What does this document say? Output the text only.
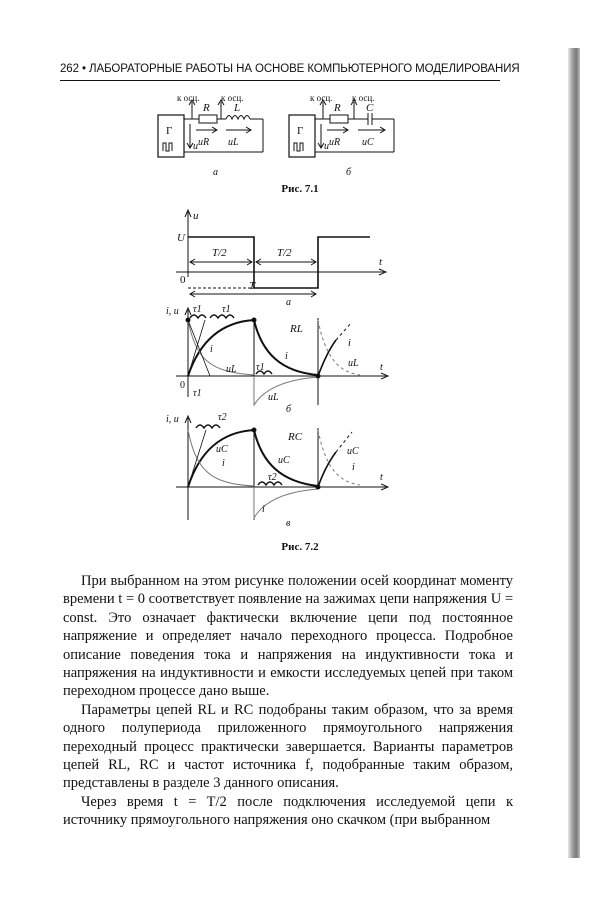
262 • ЛАБОРАТОРНЫЕ РАБОТЫ НА ОСНОВЕ КОМПЬЮТЕРНОГО МОДЕЛИРОВАНИЯ
Г
к осц. к осц.
R L
u uR uL
а
Г
к осц. к осц.
R C
u uR uC
б
Рис. 7.1
u
t
U
T/2	T/2
T
0
а
i, u
t
RL
τ1 τ1
τ1
τ1
i
i
i
uL
uL
uL
0
б
i, u
t
RC
τ2
τ2
uC
uC
uC
i
i
i
в
Рис. 7.2

При выбранном на этом рисунке положении осей координат моменту времени t = 0 соответствует появление на зажимах цепи напряжения U = const. Это означает фактически включение цепи под постоянное напряжение и определяет начало переходного процесса. Подробное описание поведения тока и напряжения на индуктивности тока и напряжения на индуктивности и емкости исследуемых цепей при таком переходном процессе дано выше.

Параметры цепей RL и RC подобраны таким образом, что за время одного полупериода приложенного прямоугольного напряжения переходный процесс практически завершается. Варианты параметров цепей RL, RC и частот источника f, подобранные таким образом, представлены в разделе 3 данного описания.

Через время t = T/2 после подключения исследуемой цепи к источнику прямоугольного напряжения оно скачком (при выбранном
